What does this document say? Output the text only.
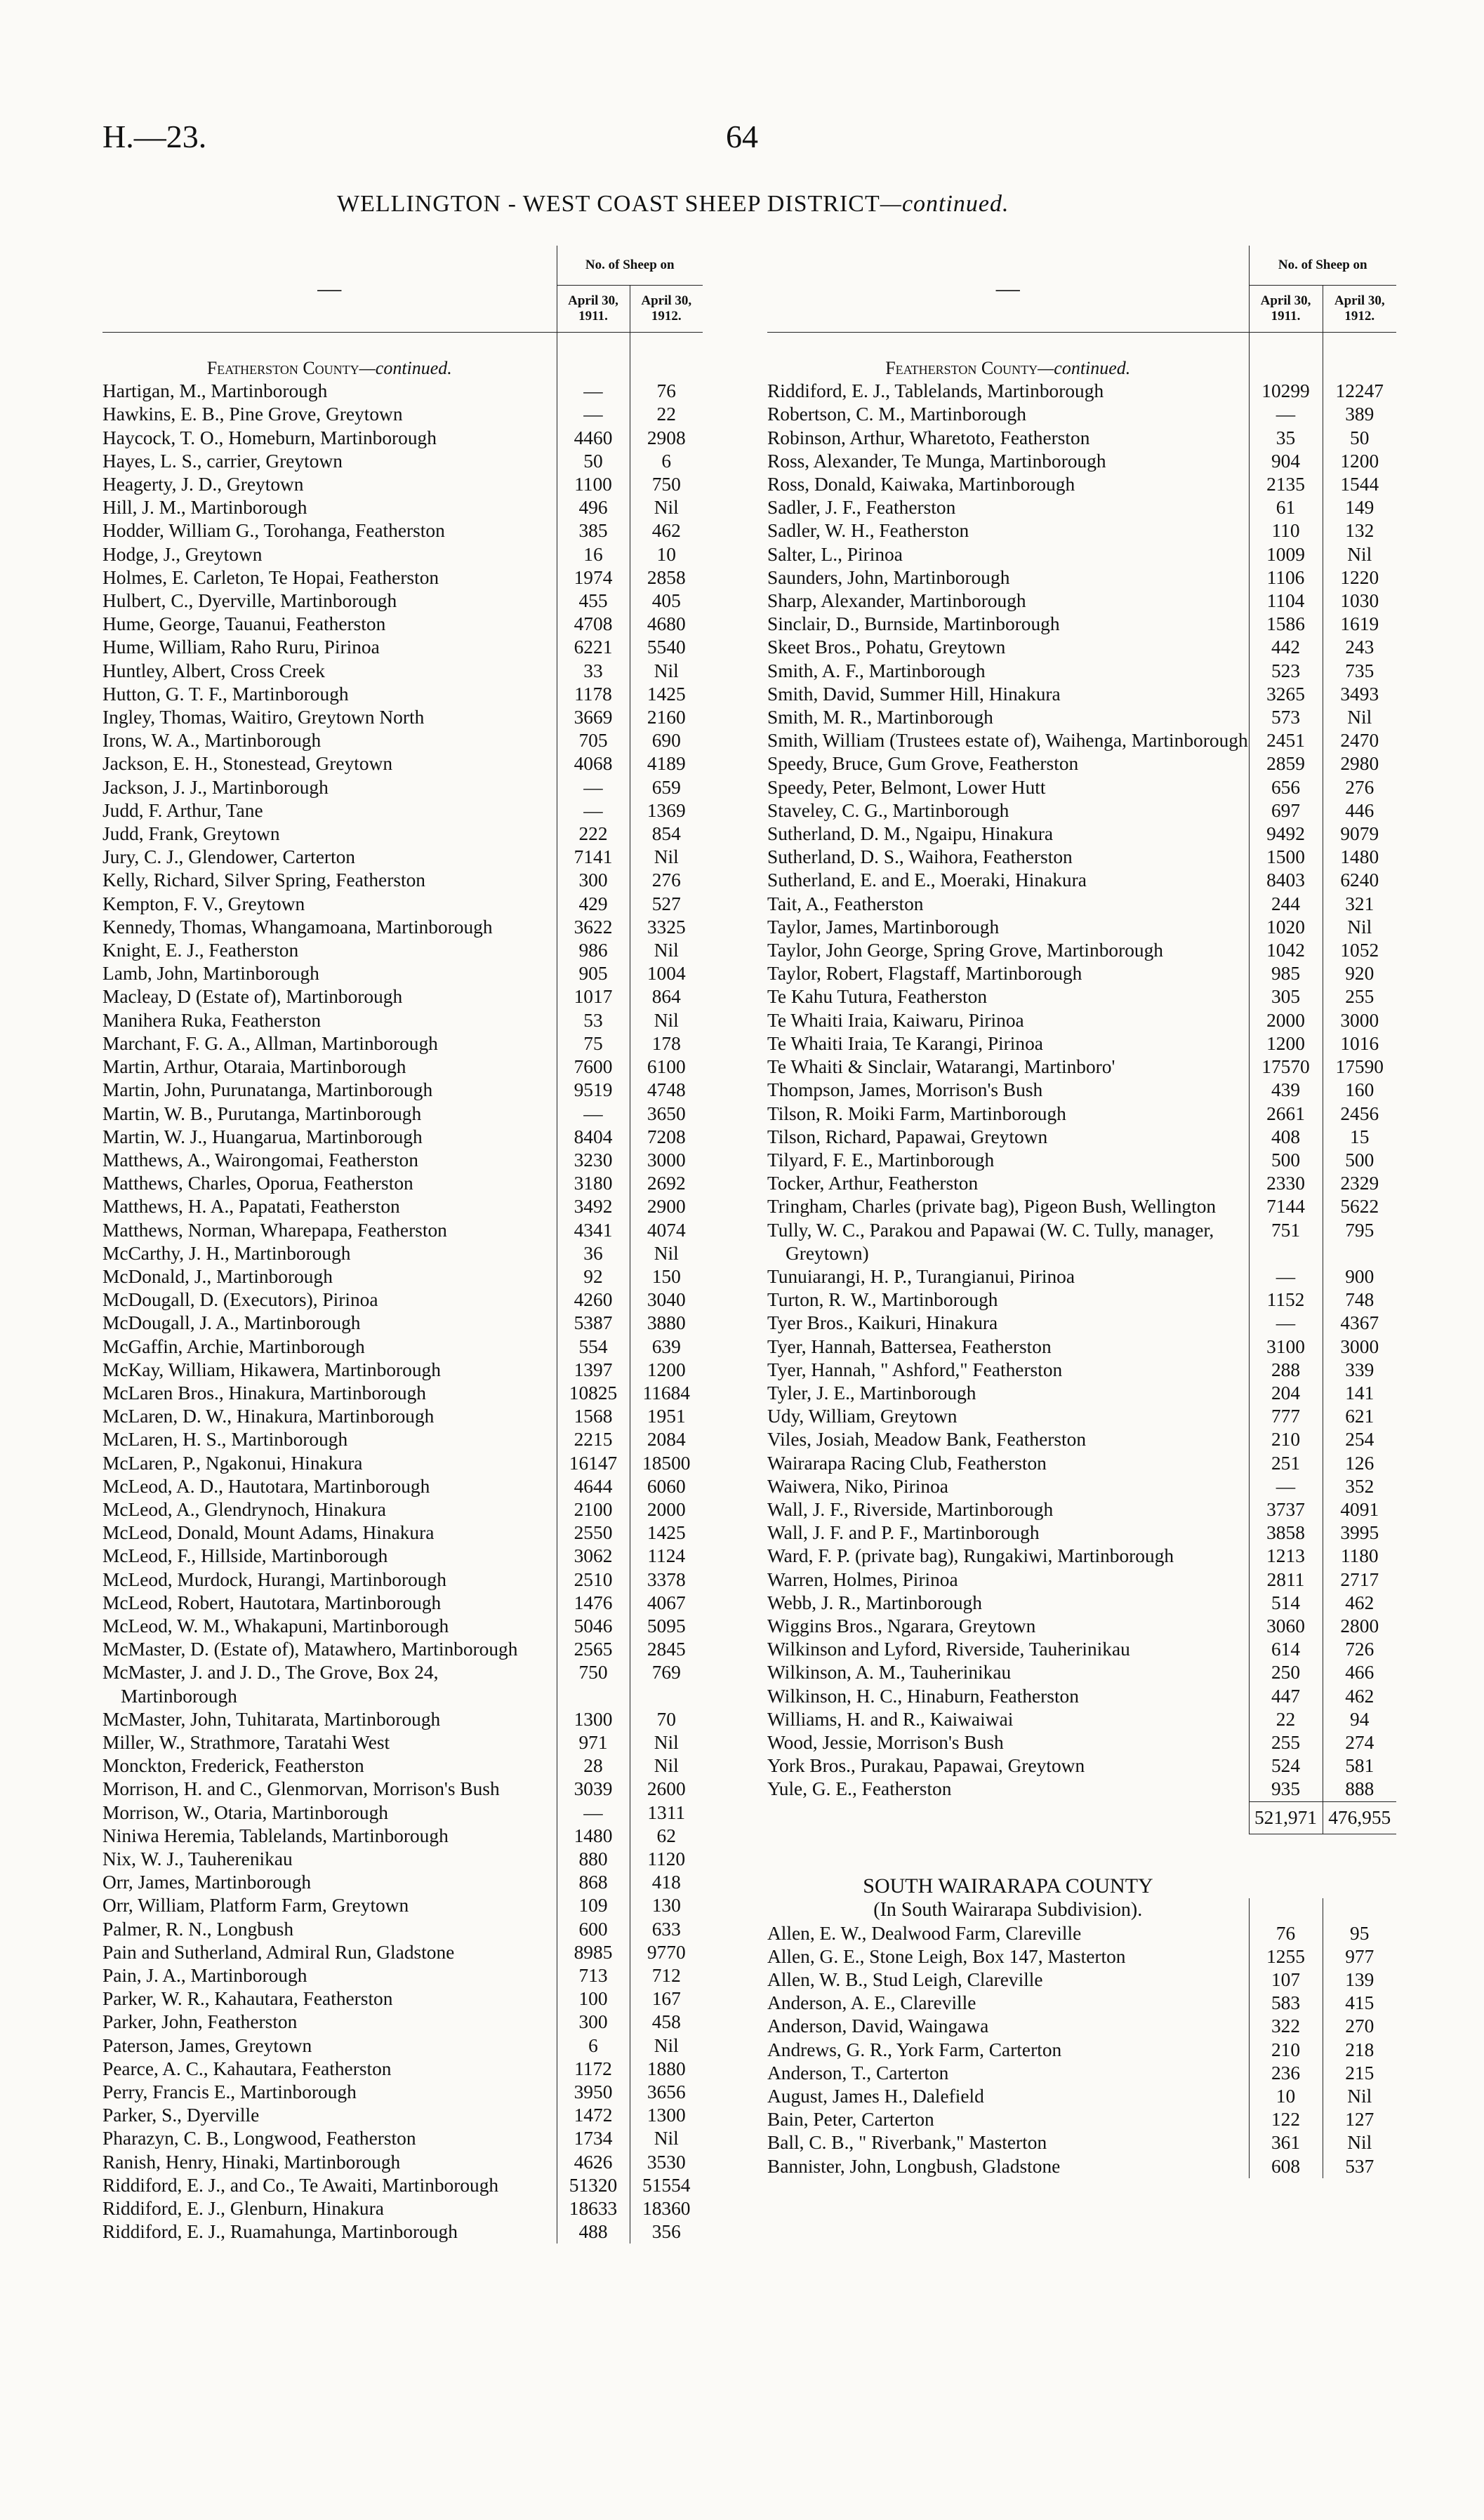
H.—23.	64
WELLINGTON - WEST COAST SHEEP DISTRICT—continued.
—	No. of Sheep on	
	April 30,
1911.	April 30,
1912.
Featherston County—continued.		

Hartigan, M., Martinborough	—	76

Hawkins, E. B., Pine Grove, Greytown	—	22

Haycock, T. O., Homeburn, Martinborough	4460	2908

Hayes, L. S., carrier, Greytown	50	6

Heagerty, J. D., Greytown	1100	750

Hill, J. M., Martinborough	496	Nil

Hodder, William G., Torohanga, Featherston	385	462

Hodge, J., Greytown	16	10

Holmes, E. Carleton, Te Hopai, Featherston	1974	2858

Hulbert, C., Dyerville, Martinborough	455	405

Hume, George, Tauanui, Featherston	4708	4680

Hume, William, Raho Ruru, Pirinoa	6221	5540

Huntley, Albert, Cross Creek	33	Nil

Hutton, G. T. F., Martinborough	1178	1425

Ingley, Thomas, Waitiro, Greytown North	3669	2160

Irons, W. A., Martinborough	705	690

Jackson, E. H., Stonestead, Greytown	4068	4189

Jackson, J. J., Martinborough	—	659

Judd, F. Arthur, Tane	—	1369

Judd, Frank, Greytown	222	854

Jury, C. J., Glendower, Carterton	7141	Nil

Kelly, Richard, Silver Spring, Featherston	300	276

Kempton, F. V., Greytown	429	527

Kennedy, Thomas, Whangamoana, Martinborough	3622	3325

Knight, E. J., Featherston	986	Nil

Lamb, John, Martinborough	905	1004

Macleay, D (Estate of), Martinborough	1017	864

Manihera Ruka, Featherston	53	Nil

Marchant, F. G. A., Allman, Martinborough	75	178

Martin, Arthur, Otaraia, Martinborough	7600	6100

Martin, John, Purunatanga, Martinborough	9519	4748

Martin, W. B., Purutanga, Martinborough	—	3650

Martin, W. J., Huangarua, Martinborough	8404	7208

Matthews, A., Wairongomai, Featherston	3230	3000

Matthews, Charles, Oporua, Featherston	3180	2692

Matthews, H. A., Papatati, Featherston	3492	2900

Matthews, Norman, Wharepapa, Featherston	4341	4074

McCarthy, J. H., Martinborough	36	Nil

McDonald, J., Martinborough	92	150

McDougall, D. (Executors), Pirinoa	4260	3040

McDougall, J. A., Martinborough	5387	3880

McGaffin, Archie, Martinborough	554	639

McKay, William, Hikawera, Martinborough	1397	1200

McLaren Bros., Hinakura, Martinborough	10825	11684

McLaren, D. W., Hinakura, Martinborough	1568	1951

McLaren, H. S., Martinborough	2215	2084

McLaren, P., Ngakonui, Hinakura	16147	18500

McLeod, A. D., Hautotara, Martinborough	4644	6060

McLeod, A., Glendrynoch, Hinakura	2100	2000

McLeod, Donald, Mount Adams, Hinakura	2550	1425

McLeod, F., Hillside, Martinborough	3062	1124

McLeod, Murdock, Hurangi, Martinborough	2510	3378

McLeod, Robert, Hautotara, Martinborough	1476	4067

McLeod, W. M., Whakapuni, Martinborough	5046	5095

McMaster, D. (Estate of), Matawhero, Martinborough	2565	2845

McMaster, J. and J. D., The Grove, Box 24, Martinborough	750	769

McMaster, John, Tuhitarata, Martinborough	1300	70

Miller, W., Strathmore, Taratahi West	971	Nil

Monckton, Frederick, Featherston	28	Nil

Morrison, H. and C., Glenmorvan, Morrison's Bush	3039	2600

Morrison, W., Otaria, Martinborough	—	1311

Niniwa Heremia, Tablelands, Martinborough	1480	62

Nix, W. J., Tauherenikau	880	1120

Orr, James, Martinborough	868	418

Orr, William, Platform Farm, Greytown	109	130

Palmer, R. N., Longbush	600	633

Pain and Sutherland, Admiral Run, Gladstone	8985	9770

Pain, J. A., Martinborough	713	712

Parker, W. R., Kahautara, Featherston	100	167

Parker, John, Featherston	300	458

Paterson, James, Greytown	6	Nil

Pearce, A. C., Kahautara, Featherston	1172	1880

Perry, Francis E., Martinborough	3950	3656

Parker, S., Dyerville	1472	1300

Pharazyn, C. B., Longwood, Featherston	1734	Nil

Ranish, Henry, Hinaki, Martinborough	4626	3530

Riddiford, E. J., and Co., Te Awaiti, Martinborough	51320	51554

Riddiford, E. J., Glenburn, Hinakura	18633	18360

Riddiford, E. J., Ruamahunga, Martinborough	488	356
—	No. of Sheep on	
	April 30,
1911.	April 30,
1912.
Featherston County—continued.		

Riddiford, E. J., Tablelands, Martinborough	10299	12247

Robertson, C. M., Martinborough	—	389

Robinson, Arthur, Wharetoto, Featherston	35	50

Ross, Alexander, Te Munga, Martinborough	904	1200

Ross, Donald, Kaiwaka, Martinborough	2135	1544

Sadler, J. F., Featherston	61	149

Sadler, W. H., Featherston	110	132

Salter, L., Pirinoa	1009	Nil

Saunders, John, Martinborough	1106	1220

Sharp, Alexander, Martinborough	1104	1030

Sinclair, D., Burnside, Martinborough	1586	1619

Skeet Bros., Pohatu, Greytown	442	243

Smith, A. F., Martinborough	523	735

Smith, David, Summer Hill, Hinakura	3265	3493

Smith, M. R., Martinborough	573	Nil

Smith, William (Trustees estate of), Waihenga, Martinborough	2451	2470

Speedy, Bruce, Gum Grove, Featherston	2859	2980

Speedy, Peter, Belmont, Lower Hutt	656	276

Staveley, C. G., Martinborough	697	446

Sutherland, D. M., Ngaipu, Hinakura	9492	9079

Sutherland, D. S., Waihora, Featherston	1500	1480

Sutherland, E. and E., Moeraki, Hinakura	8403	6240

Tait, A., Featherston	244	321

Taylor, James, Martinborough	1020	Nil

Taylor, John George, Spring Grove, Martinborough	1042	1052

Taylor, Robert, Flagstaff, Martinborough	985	920

Te Kahu Tutura, Featherston	305	255

Te Whaiti Iraia, Kaiwaru, Pirinoa	2000	3000

Te Whaiti Iraia, Te Karangi, Pirinoa	1200	1016

Te Whaiti & Sinclair, Watarangi, Martinboro'	17570	17590

Thompson, James, Morrison's Bush	439	160

Tilson, R. Moiki Farm, Martinborough	2661	2456

Tilson, Richard, Papawai, Greytown	408	15

Tilyard, F. E., Martinborough	500	500

Tocker, Arthur, Featherston	2330	2329

Tringham, Charles (private bag), Pigeon Bush, Wellington	7144	5622

Tully, W. C., Parakou and Papawai (W. C. Tully, manager, Greytown)	751	795

Tunuiarangi, H. P., Turangianui, Pirinoa	—	900

Turton, R. W., Martinborough	1152	748

Tyer Bros., Kaikuri, Hinakura	—	4367

Tyer, Hannah, Battersea, Featherston	3100	3000

Tyer, Hannah, " Ashford," Featherston	288	339

Tyler, J. E., Martinborough	204	141

Udy, William, Greytown	777	621

Viles, Josiah, Meadow Bank, Featherston	210	254

Wairarapa Racing Club, Featherston	251	126

Waiwera, Niko, Pirinoa	—	352

Wall, J. F., Riverside, Martinborough	3737	4091

Wall, J. F. and P. F., Martinborough	3858	3995

Ward, F. P. (private bag), Rungakiwi, Martinborough	1213	1180

Warren, Holmes, Pirinoa	2811	2717

Webb, J. R., Martinborough	514	462

Wiggins Bros., Ngarara, Greytown	3060	2800

Wilkinson and Lyford, Riverside, Tauherinikau	614	726

Wilkinson, A. M., Tauherinikau	250	466

Wilkinson, H. C., Hinaburn, Featherston	447	462

Williams, H. and R., Kaiwaiwai	22	94

Wood, Jessie, Morrison's Bush	255	274

York Bros., Purakau, Papawai, Greytown	524	581

Yule, G. E., Featherston	935	888
	521,971	476,955
SOUTH WAIRARAPA COUNTY		
(In South Wairarapa Subdivision).		

Allen, E. W., Dealwood Farm, Clareville	76	95

Allen, G. E., Stone Leigh, Box 147, Masterton	1255	977

Allen, W. B., Stud Leigh, Clareville	107	139

Anderson, A. E., Clareville	583	415

Anderson, David, Waingawa	322	270

Andrews, G. R., York Farm, Carterton	210	218

Anderson, T., Carterton	236	215

August, James H., Dalefield	10	Nil

Bain, Peter, Carterton	122	127

Ball, C. B., " Riverbank," Masterton	361	Nil

Bannister, John, Longbush, Gladstone	608	537
